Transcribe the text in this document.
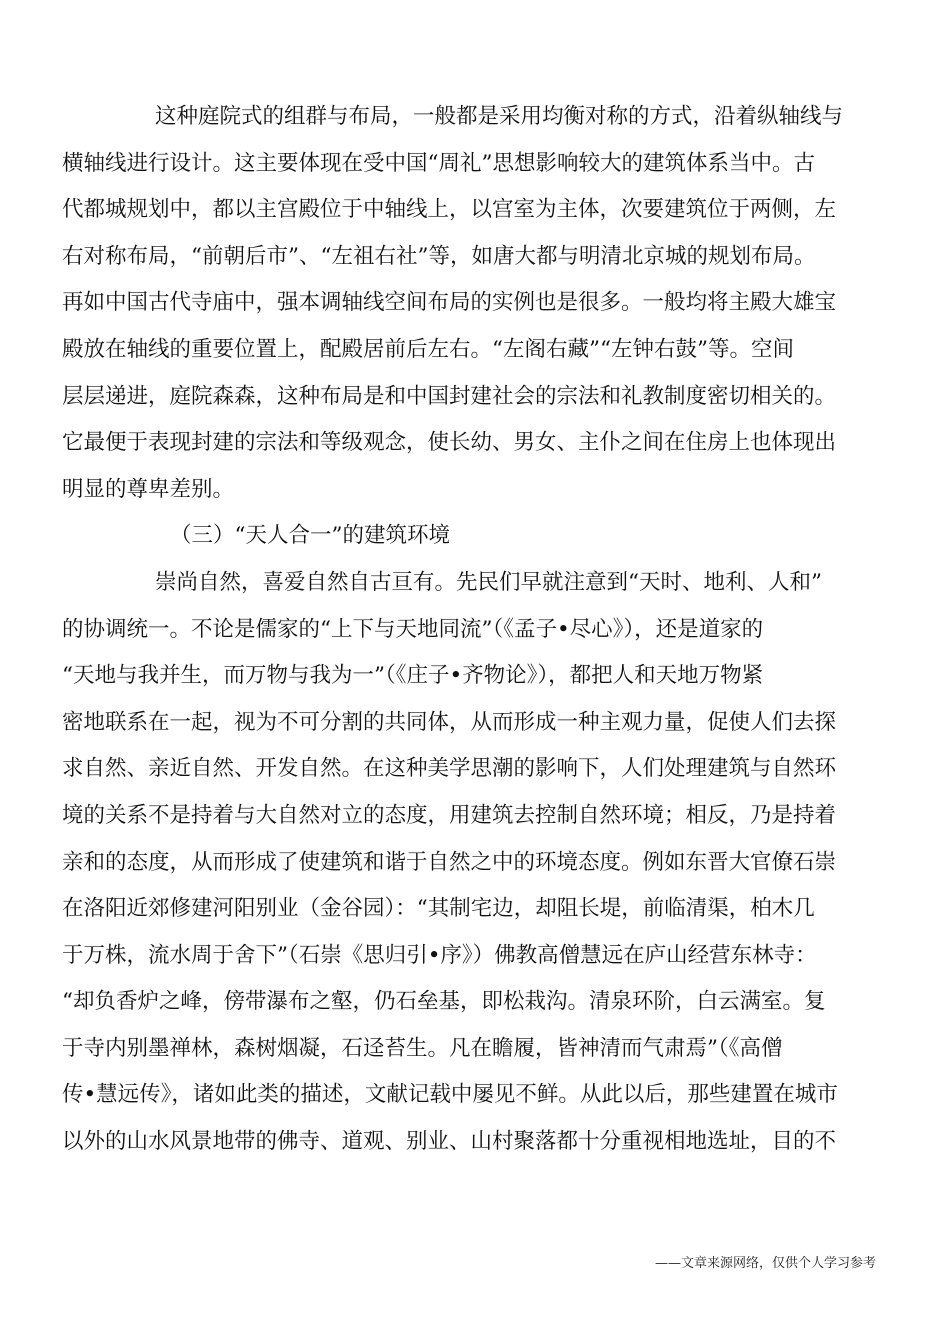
这种庭院式的组群与布局，一般都是采用均衡对称的方式，沿着纵轴线与
横轴线进行设计。这主要体现在受中国“周礼”思想影响较大的建筑体系当中。古
代都城规划中，都以主宫殿位于中轴线上，以宫室为主体，次要建筑位于两侧，左
右对称布局，“前朝后市”、“左祖右社”等，如唐大都与明清北京城的规划布局。
再如中国古代寺庙中，强本调轴线空间布局的实例也是很多。一般均将主殿大雄宝
殿放在轴线的重要位置上，配殿居前后左右。“左阁右藏”“左钟右鼓”等。空间
层层递进，庭院森森，这种布局是和中国封建社会的宗法和礼教制度密切相关的。
它最便于表现封建的宗法和等级观念，使长幼、男女、主仆之间在住房上也体现出
明显的尊卑差别。
（三）“天人合一”的建筑环境
崇尚自然，喜爱自然自古亘有。先民们早就注意到“天时、地利、人和”
的协调统一。不论是儒家的“上下与天地同流”（《孟子•尽心》），还是道家的
“天地与我并生，而万物与我为一”（《庄子•齐物论》），都把人和天地万物紧
密地联系在一起，视为不可分割的共同体，从而形成一种主观力量，促使人们去探
求自然、亲近自然、开发自然。在这种美学思潮的影响下，人们处理建筑与自然环
境的关系不是持着与大自然对立的态度，用建筑去控制自然环境；相反，乃是持着
亲和的态度，从而形成了使建筑和谐于自然之中的环境态度。例如东晋大官僚石崇
在洛阳近郊修建河阳别业（金谷园）：“其制宅边，却阻长堤，前临清渠，柏木几
于万株，流水周于舍下”（石崇《思归引•序》）佛教高僧慧远在庐山经营东林寺：
“却负香炉之峰，傍带瀑布之壑，仍石垒基，即松栽沟。清泉环阶，白云满室。复
于寺内别墨禅林，森树烟凝，石迳苔生。凡在瞻履，皆神清而气肃焉”（《高僧
传•慧远传》，诸如此类的描述，文献记载中屡见不鲜。从此以后，那些建置在城市
以外的山水风景地带的佛寺、道观、别业、山村聚落都十分重视相地选址，目的不
——文章来源网络，仅供个人学习参考
